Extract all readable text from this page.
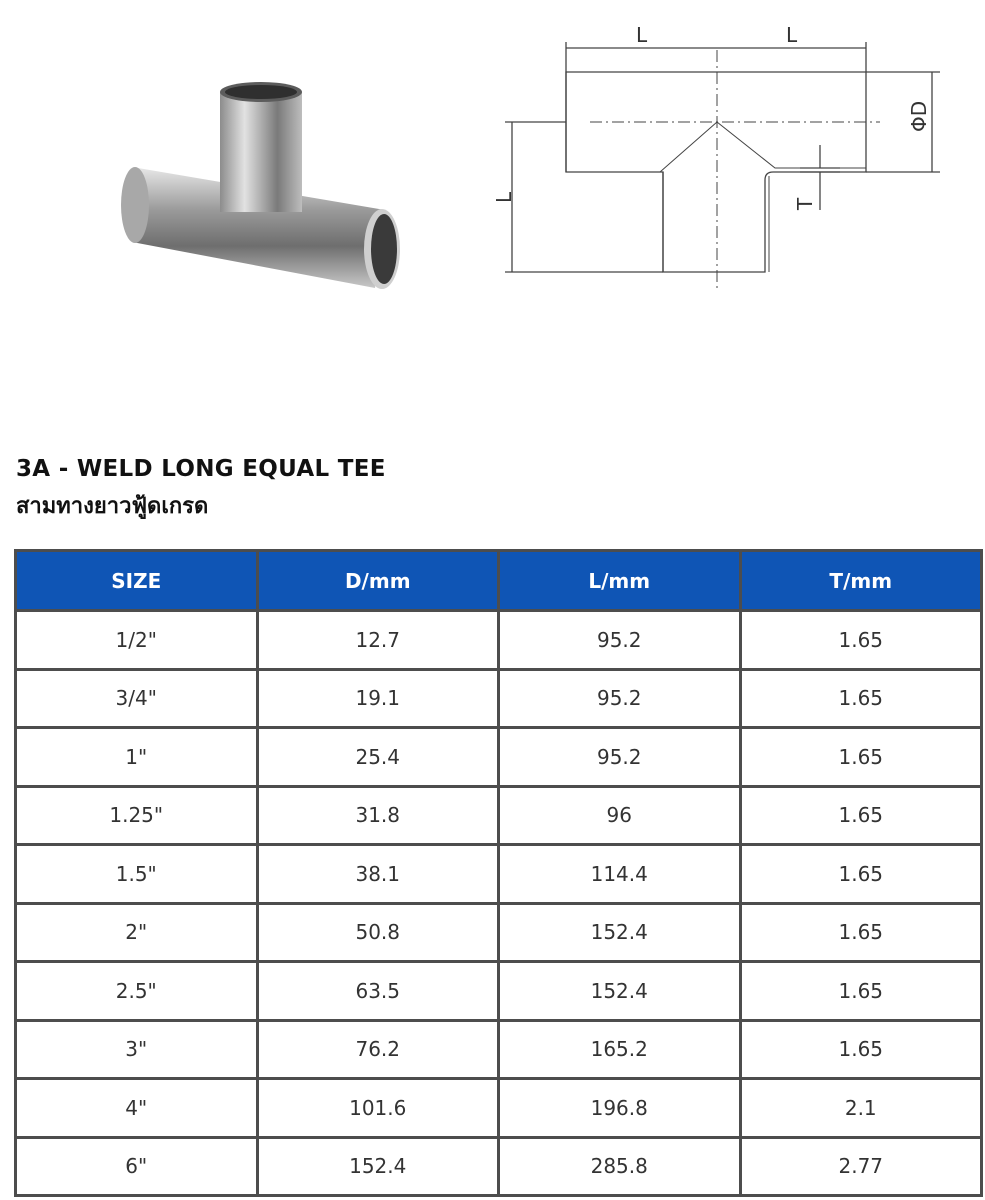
L	L
L
ΦD
T
3A - WELD LONG EQUAL TEE
สามทางยาวฟู้ดเกรด
SIZE	D/mm	L/mm	T/mm
1/2"	12.7	95.2	1.65
3/4"	19.1	95.2	1.65
1"	25.4	95.2	1.65
1.25"	31.8	96	1.65
1.5"	38.1	114.4	1.65
2"	50.8	152.4	1.65
2.5"	63.5	152.4	1.65
3"	76.2	165.2	1.65
4"	101.6	196.8	2.1
6"	152.4	285.8	2.77
